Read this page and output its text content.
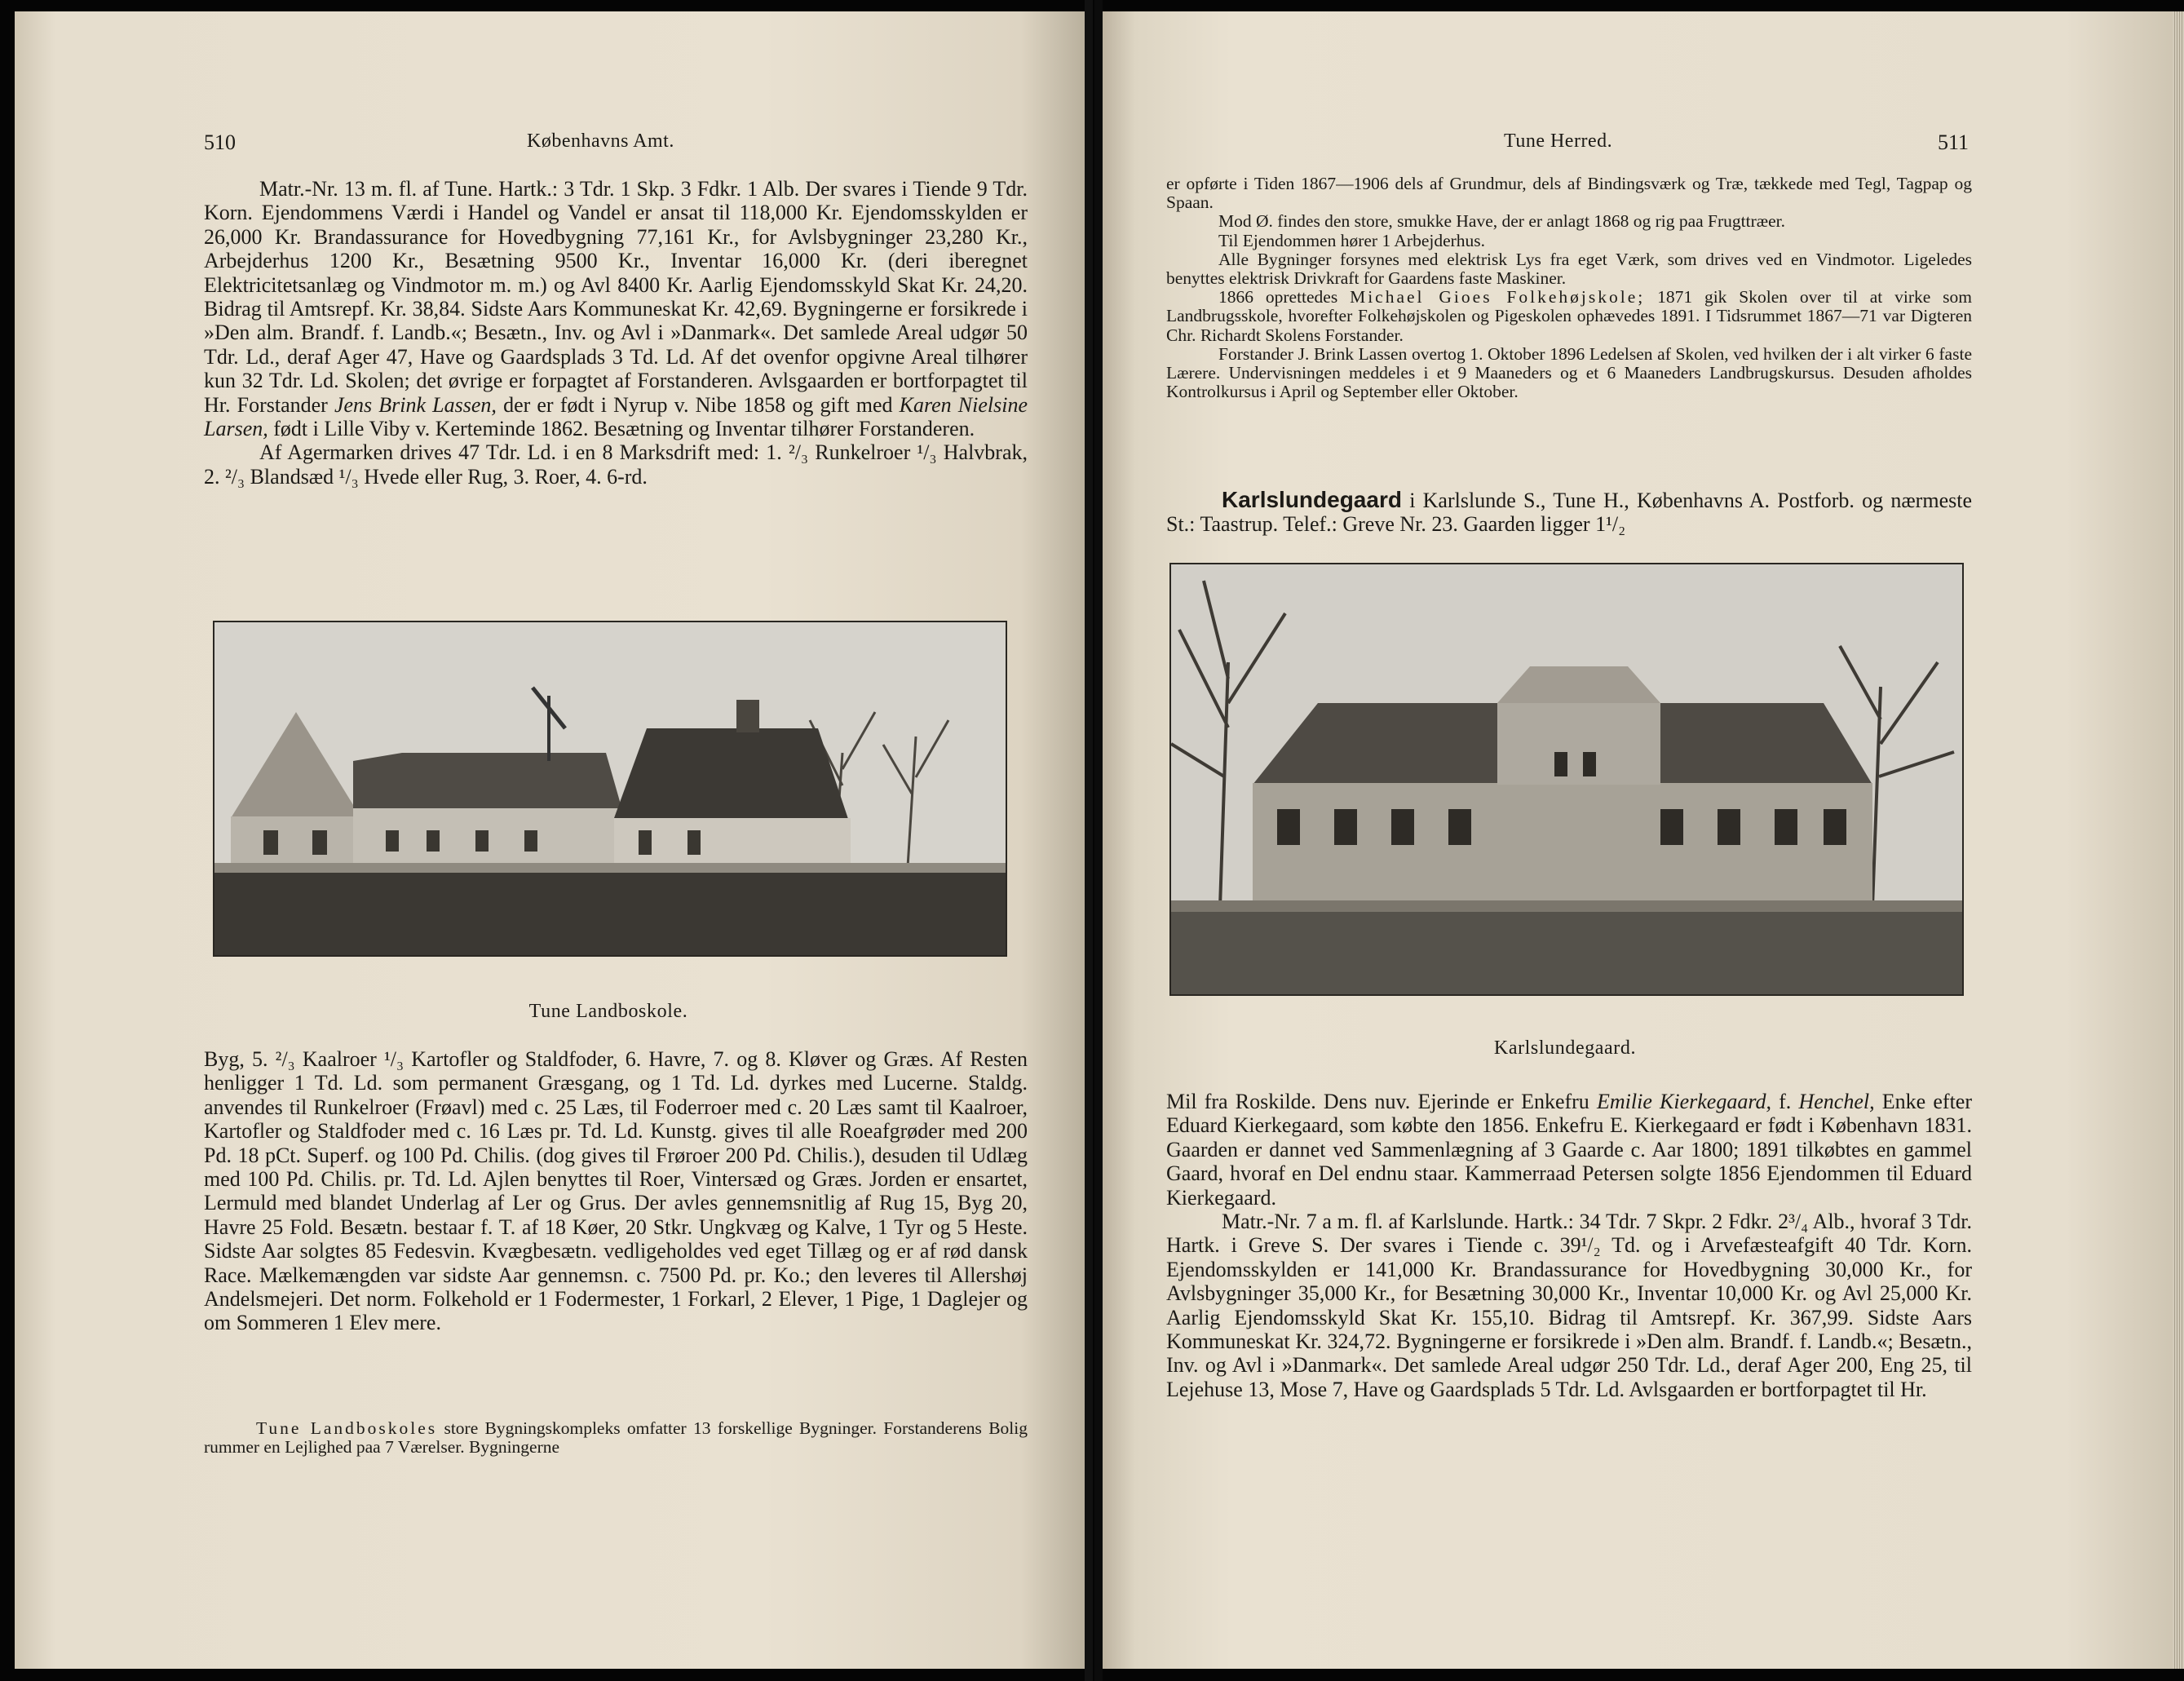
510	Københavns Amt.

Matr.-Nr. 13 m. fl. af Tune. Hartk.: 3 Tdr. 1 Skp. 3 Fdkr. 1 Alb. Der svares i Tiende 9 Tdr. Korn. Ejendommens Værdi i Handel og Vandel er ansat til 118,000 Kr. Ejendomsskylden er 26,000 Kr. Brandassurance for Hovedbygning 77,161 Kr., for Avlsbygninger 23,280 Kr., Arbejderhus 1200 Kr., Besætning 9500 Kr., Inventar 16,000 Kr. (deri iberegnet Elektricitetsanlæg og Vindmotor m. m.) og Avl 8400 Kr. Aarlig Ejendomsskyld Skat Kr. 24,20. Bidrag til Amtsrepf. Kr. 38,84. Sidste Aars Kommuneskat Kr. 42,69. Bygningerne er forsikrede i »Den alm. Brandf. f. Landb.«; Besætn., Inv. og Avl i »Danmark«. Det samlede Areal udgør 50 Tdr. Ld., deraf Ager 47, Have og Gaardsplads 3 Td. Ld. Af det ovenfor opgivne Areal tilhører kun 32 Tdr. Ld. Skolen; det øvrige er forpagtet af Forstanderen. Avlsgaarden er bortforpagtet til Hr. Forstander Jens Brink Lassen, der er født i Nyrup v. Nibe 1858 og gift med Karen Nielsine Larsen, født i Lille Viby v. Kerteminde 1862. Besætning og Inventar tilhører Forstanderen.

Af Agermarken drives 47 Tdr. Ld. i en 8 Marksdrift med: 1. ²/₃ Runkelroer ¹/₃ Halvbrak, 2. ²/₃ Blandsæd ¹/₃ Hvede eller Rug, 3. Roer, 4. 6-rd.

Tune Landboskole.

Byg, 5. ²/₃ Kaalroer ¹/₃ Kartofler og Staldfoder, 6. Havre, 7. og 8. Kløver og Græs. Af Resten henligger 1 Td. Ld. som permanent Græsgang, og 1 Td. Ld. dyrkes med Lucerne. Staldg. anvendes til Runkelroer (Frøavl) med c. 25 Læs, til Foderroer med c. 20 Læs samt til Kaalroer, Kartofler og Staldfoder med c. 16 Læs pr. Td. Ld. Kunstg. gives til alle Roeafgrøder med 200 Pd. 18 pCt. Superf. og 100 Pd. Chilis. (dog gives til Frøroer 200 Pd. Chilis.), desuden til Udlæg med 100 Pd. Chilis. pr. Td. Ld. Ajlen benyttes til Roer, Vintersæd og Græs. Jorden er ensartet, Lermuld med blandet Underlag af Ler og Grus. Der avles gennemsnitlig af Rug 15, Byg 20, Havre 25 Fold. Besætn. bestaar f. T. af 18 Køer, 20 Stkr. Ungkvæg og Kalve, 1 Tyr og 5 Heste. Sidste Aar solgtes 85 Fedesvin. Kvægbesætn. vedligeholdes ved eget Tillæg og er af rød dansk Race. Mælkemængden var sidste Aar gennemsn. c. 7500 Pd. pr. Ko.; den leveres til Allershøj Andelsmejeri. Det norm. Folkehold er 1 Fodermester, 1 Forkarl, 2 Elever, 1 Pige, 1 Daglejer og om Sommeren 1 Elev mere.

Tune Landboskoles store Bygningskompleks omfatter 13 forskellige Bygninger. Forstanderens Bolig rummer en Lejlighed paa 7 Værelser. Bygningerne

Tune Herred.	511

er opførte i Tiden 1867—1906 dels af Grundmur, dels af Bindingsværk og Træ, tækkede med Tegl, Tagpap og Spaan.

Mod Ø. findes den store, smukke Have, der er anlagt 1868 og rig paa Frugttræer.

Til Ejendommen hører 1 Arbejderhus.

Alle Bygninger forsynes med elektrisk Lys fra eget Værk, som drives ved en Vindmotor. Ligeledes benyttes elektrisk Drivkraft for Gaardens faste Maskiner.

1866 oprettedes Michael Gioes Folkehøjskole; 1871 gik Skolen over til at virke som Landbrugsskole, hvorefter Folkehøjskolen og Pigeskolen ophævedes 1891. I Tidsrummet 1867—71 var Digteren Chr. Richardt Skolens Forstander.

Forstander J. Brink Lassen overtog 1. Oktober 1896 Ledelsen af Skolen, ved hvilken der i alt virker 6 faste Lærere. Undervisningen meddeles i et 9 Maaneders og et 6 Maaneders Landbrugskursus. Desuden afholdes Kontrolkursus i April og September eller Oktober.

Karlslundegaard i Karlslunde S., Tune H., Københavns A. Postforb. og nærmeste St.: Taastrup. Telef.: Greve Nr. 23. Gaarden ligger 1¹/₂

Karlslundegaard.

Mil fra Roskilde. Dens nuv. Ejerinde er Enkefru Emilie Kierkegaard, f. Henchel, Enke efter Eduard Kierkegaard, som købte den 1856. Enkefru E. Kierkegaard er født i København 1831. Gaarden er dannet ved Sammenlægning af 3 Gaarde c. Aar 1800; 1891 tilkøbtes en gammel Gaard, hvoraf en Del endnu staar. Kammerraad Petersen solgte 1856 Ejendommen til Eduard Kierkegaard.

Matr.-Nr. 7 a m. fl. af Karlslunde. Hartk.: 34 Tdr. 7 Skpr. 2 Fdkr. 2³/₄ Alb., hvoraf 3 Tdr. Hartk. i Greve S. Der svares i Tiende c. 39¹/₂ Td. og i Arvefæsteafgift 40 Tdr. Korn. Ejendomsskylden er 141,000 Kr. Brandassurance for Hovedbygning 30,000 Kr., for Avlsbygninger 35,000 Kr., for Besætning 30,000 Kr., Inventar 10,000 Kr. og Avl 25,000 Kr. Aarlig Ejendomsskyld Skat Kr. 155,10. Bidrag til Amtsrepf. Kr. 367,99. Sidste Aars Kommuneskat Kr. 324,72. Bygningerne er forsikrede i »Den alm. Brandf. f. Landb.«; Besætn., Inv. og Avl i »Danmark«. Det samlede Areal udgør 250 Tdr. Ld., deraf Ager 200, Eng 25, til Lejehuse 13, Mose 7, Have og Gaardsplads 5 Tdr. Ld. Avlsgaarden er bortforpagtet til Hr.
